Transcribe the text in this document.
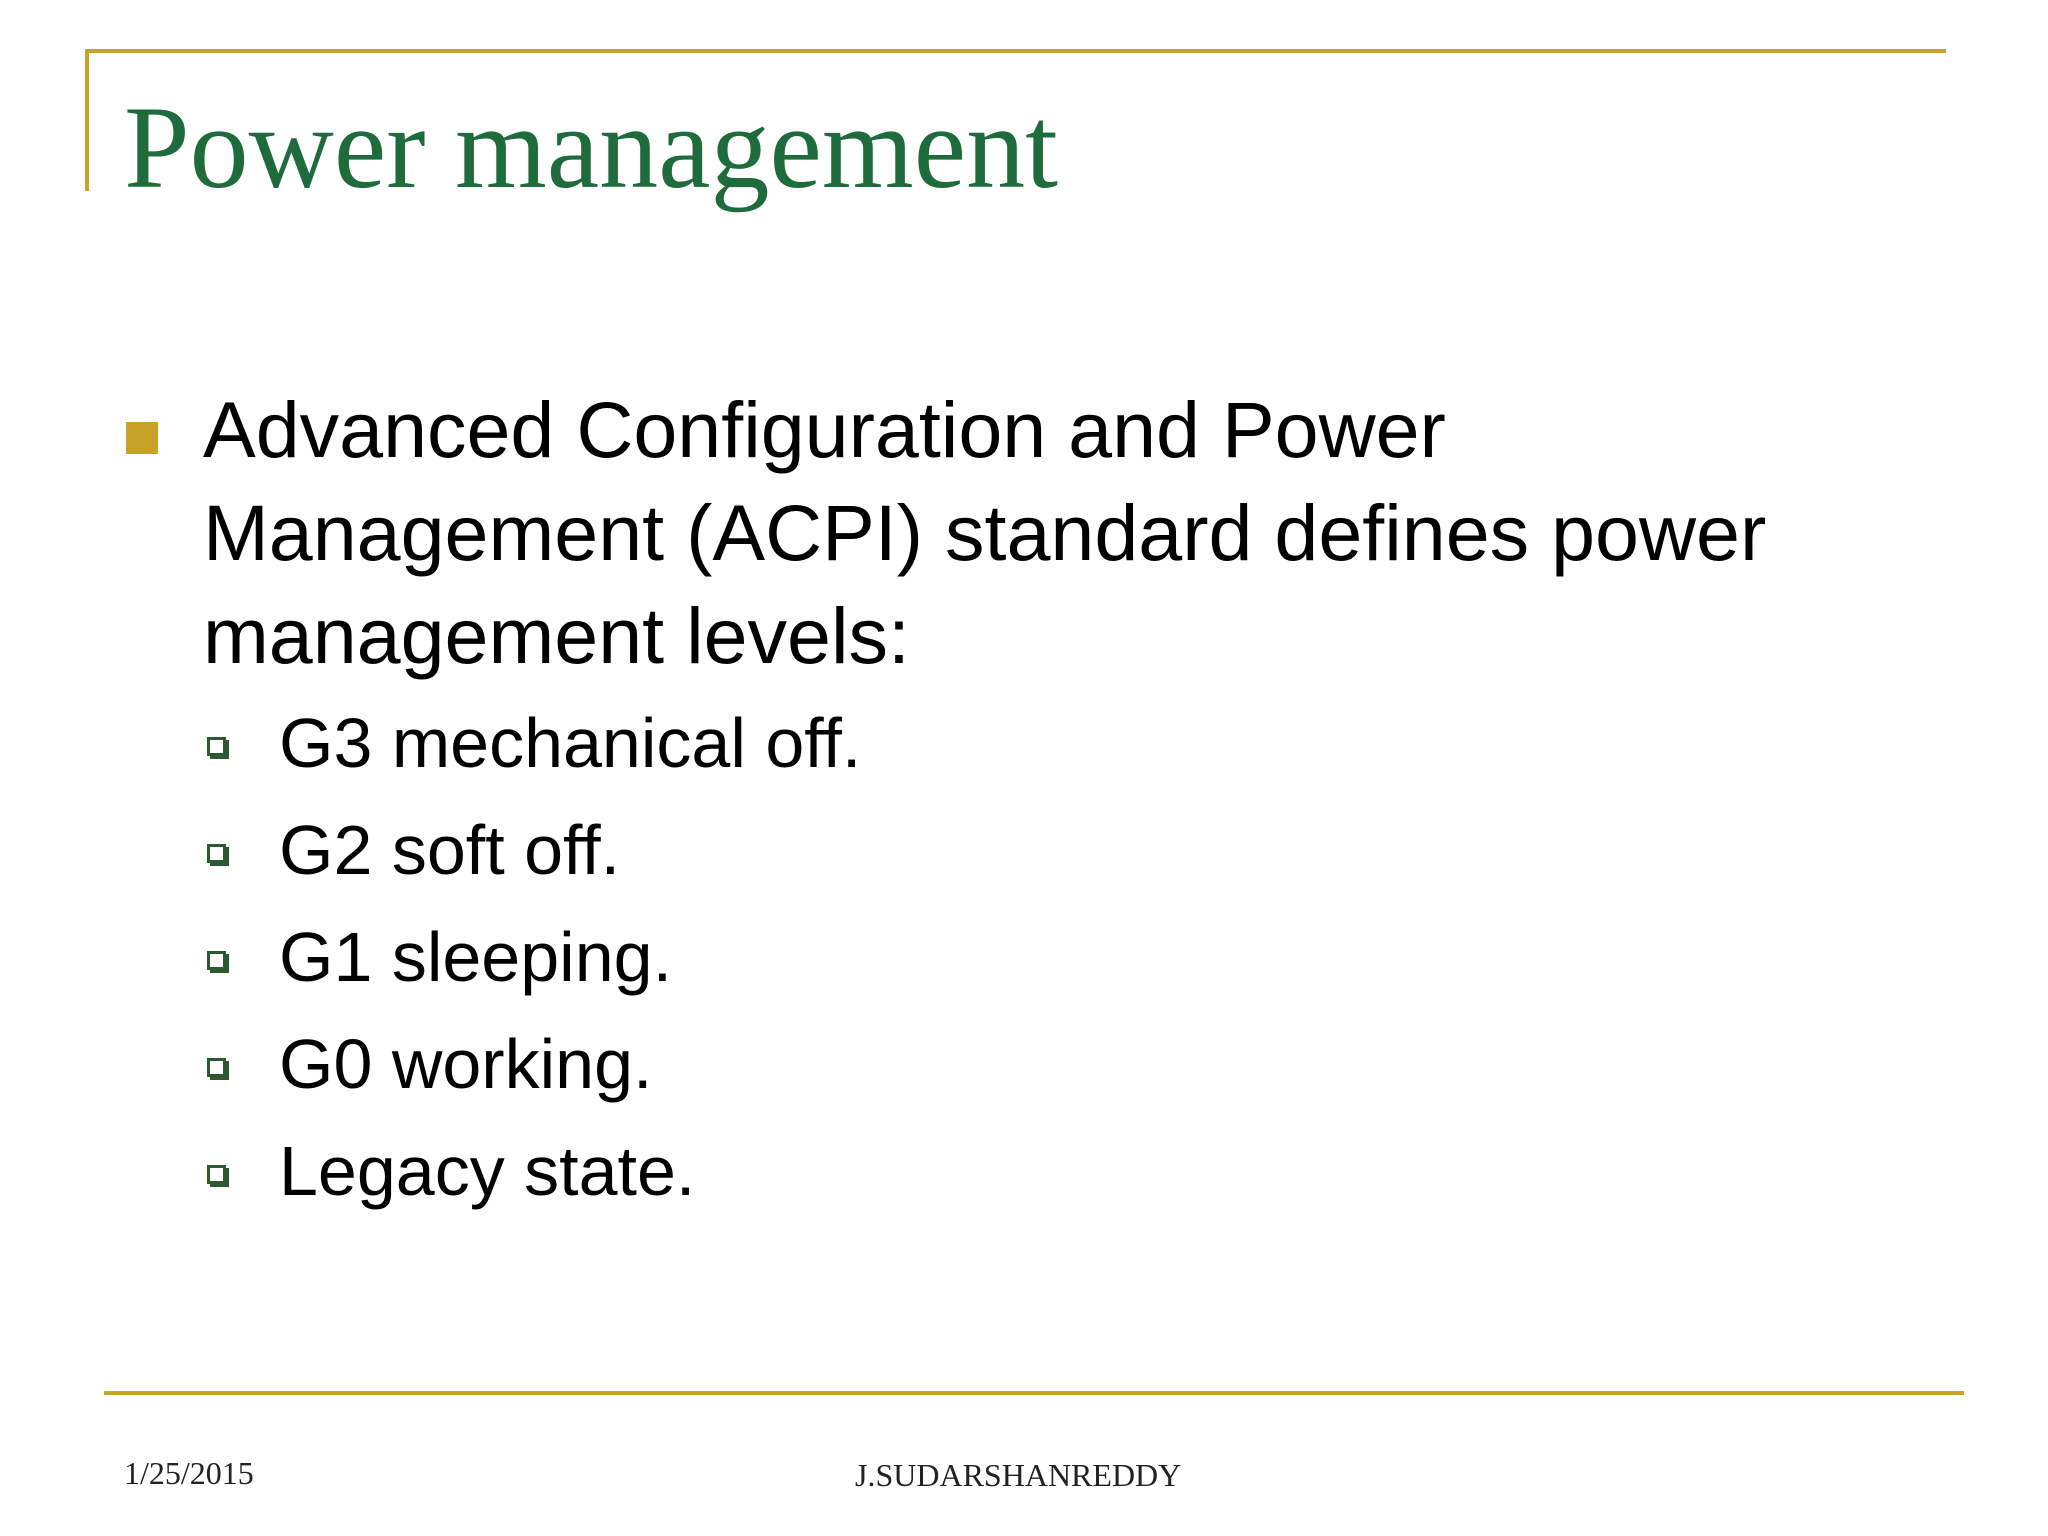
Power management
Advanced Configuration and Power Management (ACPI) standard defines power management levels:
G3 mechanical off.
G2 soft off.
G1 sleeping.
G0 working.
Legacy state.
1/25/2015	J.SUDARSHANREDDY
